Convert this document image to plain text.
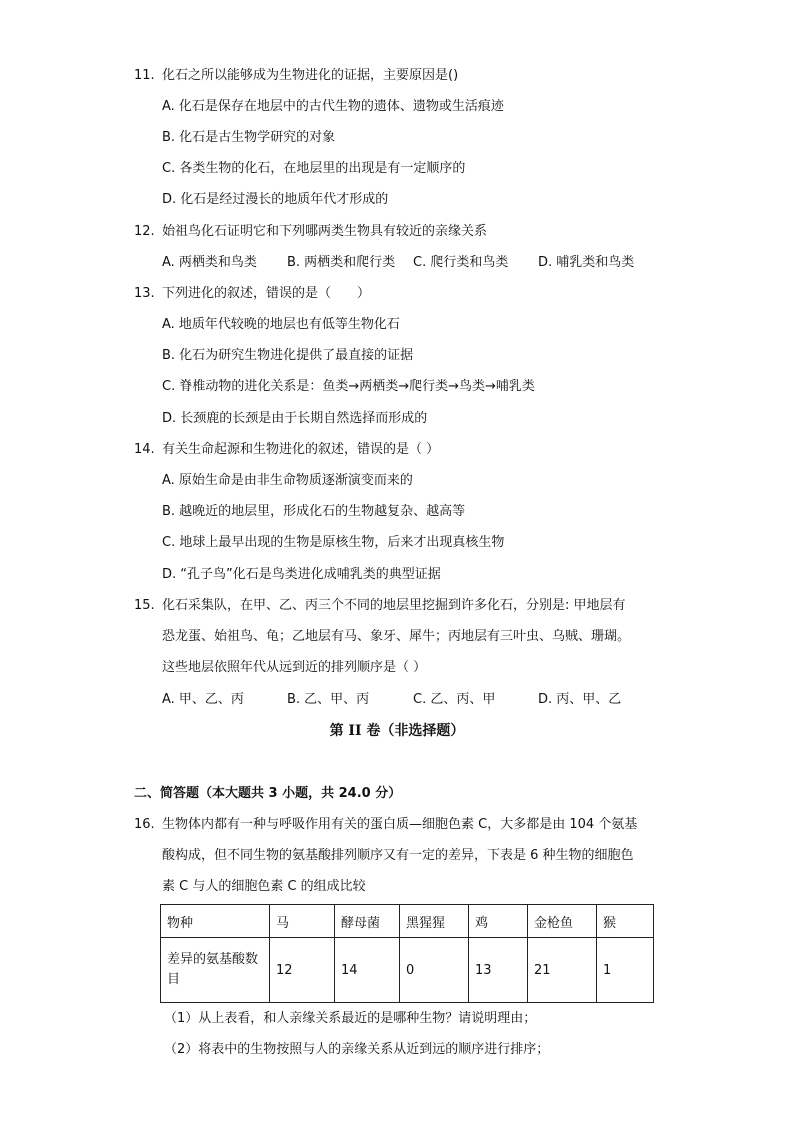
11. 化石之所以能够成为生物进化的证据，主要原因是()
A. 化石是保存在地层中的古代生物的遗体、遗物或生活痕迹
B. 化石是古生物学研究的对象
C. 各类生物的化石，在地层里的出现是有一定顺序的
D. 化石是经过漫长的地质年代才形成的
12. 始祖鸟化石证明它和下列哪两类生物具有较近的亲缘关系
A. 两栖类和鸟类 B. 两栖类和爬行类 C. 爬行类和鸟类 D. 哺乳类和鸟类
13. 下列进化的叙述，错误的是（　　）
A. 地质年代较晚的地层也有低等生物化石
B. 化石为研究生物进化提供了最直接的证据
C. 脊椎动物的进化关系是：鱼类→两栖类→爬行类→鸟类→哺乳类
D. 长颈鹿的长颈是由于长期自然选择而形成的
14. 有关生命起源和生物进化的叙述，错误的是（ ）
A. 原始生命是由非生命物质逐渐演变而来的
B. 越晚近的地层里，形成化石的生物越复杂、越高等
C. 地球上最早出现的生物是原核生物，后来才出现真核生物
D. “孔子鸟”化石是鸟类进化成哺乳类的典型证据
15. 化石采集队，在甲、乙、丙三个不同的地层里挖掘到许多化石，分别是: 甲地层有
恐龙蛋、始祖鸟、龟；乙地层有马、象牙、犀牛；丙地层有三叶虫、乌贼、珊瑚。
这些地层依照年代从远到近的排列顺序是（ ）
A. 甲、乙、丙	B. 乙、甲、丙	C. 乙、丙、甲	D. 丙、甲、乙
第 II 卷（非选择题）
二、简答题（本大题共 3 小题，共 24.0 分）
16. 生物体内都有一种与呼吸作用有关的蛋白质—细胞色素 C，大多都是由 104 个氨基
酸构成，但不同生物的氨基酸排列顺序又有一定的差异，下表是 6 种生物的细胞色
素 C 与人的细胞色素 C 的组成比较
物种	马	酵母菌	黑猩猩	鸡	金枪鱼	猴
差异的氨基酸数
目	12	14	0	13	21	1
（1）从上表看，和人亲缘关系最近的是哪种生物？请说明理由；
（2）将表中的生物按照与人的亲缘关系从近到远的顺序进行排序；
